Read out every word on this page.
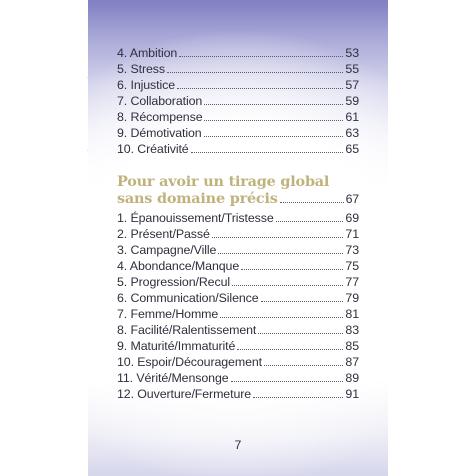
4. Ambition	53
5. Stress	55
6. Injustice	57
7. Collaboration	59
8. Récompense	61
9. Démotivation	63
10. Créativité	65
Pour avoir un tirage global
sans domaine précis	67
1. Épanouissement/Tristesse	69
2. Présent/Passé	71
3. Campagne/Ville	73
4. Abondance/Manque	75
5. Progression/Recul	77
6. Communication/Silence	79
7. Femme/Homme	81
8. Facilité/Ralentissement	83
9. Maturité/Immaturité	85
10. Espoir/Découragement	87
11. Vérité/Mensonge	89
12. Ouverture/Fermeture	91
7
